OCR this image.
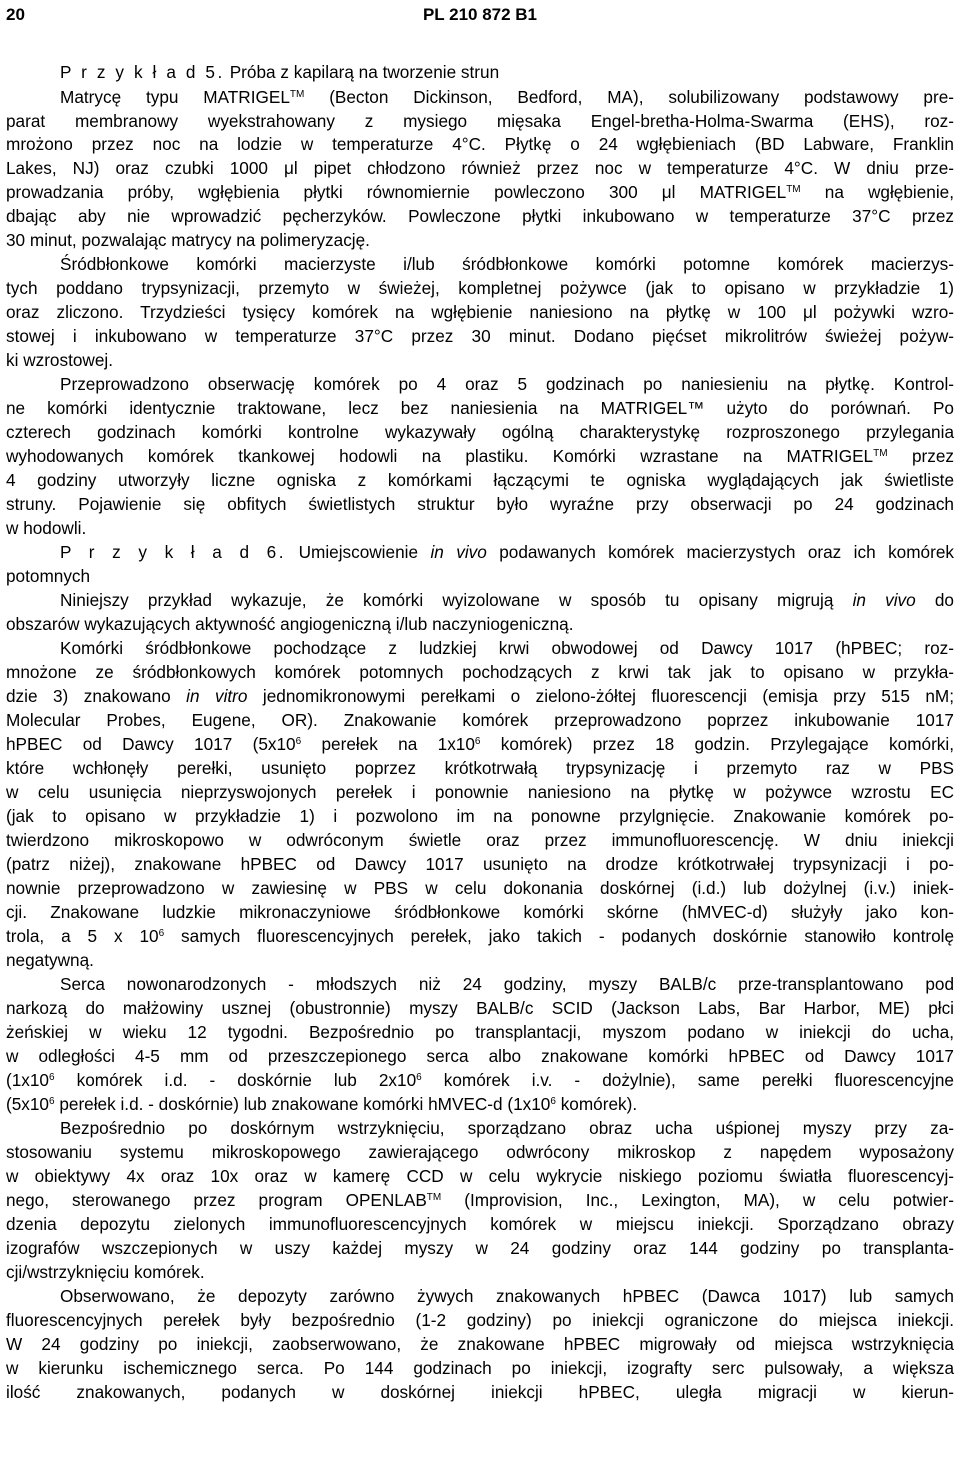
20	PL 210 872 B1
P r z y k ł a d 5. Próba z kapilarą na tworzenie strun
Matrycę typu MATRIGEL™ (Becton Dickinson, Bedford, MA), solubilizowany podstawowy pre-
parat membranowy wyekstrahowany z mysiego mięsaka Engel-bretha-Holma-Swarma (EHS), roz-
mrożono przez noc na lodzie w temperaturze 4°C. Płytkę o 24 wgłębieniach (BD Labware, Franklin
Lakes, NJ) oraz czubki 1000 μl pipet chłodzono również przez noc w temperaturze 4°C. W dniu prze-
prowadzania próby, wgłębienia płytki równomiernie powleczono 300 μl MATRIGEL™ na wgłębienie,
dbając aby nie wprowadzić pęcherzyków. Powleczone płytki inkubowano w temperaturze 37°C przez
30 minut, pozwalając matrycy na polimeryzację.
Śródbłonkowe komórki macierzyste i/lub śródbłonkowe komórki potomne komórek macierzys-
tych poddano trypsynizacji, przemyto w świeżej, kompletnej pożywce (jak to opisano w przykładzie 1)
oraz zliczono. Trzydzieści tysięcy komórek na wgłębienie naniesiono na płytkę w 100 μl pożywki wzro-
stowej i inkubowano w temperaturze 37°C przez 30 minut. Dodano pięćset mikrolitrów świeżej pożyw-
ki wzrostowej.
Przeprowadzono obserwację komórek po 4 oraz 5 godzinach po naniesieniu na płytkę. Kontrol-
ne komórki identycznie traktowane, lecz bez naniesienia na MATRIGEL™ użyto do porównań. Po
czterech godzinach komórki kontrolne wykazywały ogólną charakterystykę rozproszonego przylegania
wyhodowanych komórek tkankowej hodowli na plastiku. Komórki wzrastane na MATRIGEL™ przez
4 godziny utworzyły liczne ogniska z komórkami łączącymi te ogniska wyglądających jak świetliste
struny. Pojawienie się obfitych świetlistych struktur było wyraźne przy obserwacji po 24 godzinach
w hodowli.
P r z y k ł a d 6. Umiejscowienie in vivo podawanych komórek macierzystych oraz ich komórek
potomnych
Niniejszy przykład wykazuje, że komórki wyizolowane w sposób tu opisany migrują in vivo do
obszarów wykazujących aktywność angiogeniczną i/lub naczyniogeniczną.
Komórki śródbłonkowe pochodzące z ludzkiej krwi obwodowej od Dawcy 1017 (hPBEC; roz-
mnożone ze śródbłonkowych komórek potomnych pochodzących z krwi tak jak to opisano w przykła-
dzie 3) znakowano in vitro jednomikronowymi perełkami o zielono-żółtej fluorescencji (emisja przy 515 nM;
Molecular Probes, Eugene, OR). Znakowanie komórek przeprowadzono poprzez inkubowanie 1017
hPBEC od Dawcy 1017 ($5x10^6$ perełek na $1x10^6$ komórek) przez 18 godzin. Przylegające komórki,
które wchłonęły perełki, usunięto poprzez krótkotrwałą trypsynizację i przemyto raz w PBS
w celu usunięcia nieprzyswojonych perełek i ponownie naniesiono na płytkę w pożywce wzrostu EC
(jak to opisano w przykładzie 1) i pozwolono im na ponowne przylgnięcie. Znakowanie komórek po-
twierdzono mikroskopowo w odwróconym świetle oraz przez immunofluorescencję. W dniu iniekcji
(patrz niżej), znakowane hPBEC od Dawcy 1017 usunięto na drodze krótkotrwałej trypsynizacji i po-
nownie przeprowadzono w zawiesinę w PBS w celu dokonania doskórnej (i.d.) lub dożylnej (i.v.) iniek-
cji. Znakowane ludzkie mikronaczyniowe śródbłonkowe komórki skórne (hMVEC-d) służyły jako kon-
trola, a 5 x $10^6$ samych fluorescencyjnych perełek, jako takich - podanych doskórnie stanowiło kontrolę
negatywną.
Serca nowonarodzonych - młodszych niż 24 godziny, myszy BALB/c prze-transplantowano pod
narkozą do małżowiny usznej (obustronnie) myszy BALB/c SCID (Jackson Labs, Bar Harbor, ME) płci
żeńskiej w wieku 12 tygodni. Bezpośrednio po transplantacji, myszom podano w iniekcji do ucha,
w odległości 4-5 mm od przeszczepionego serca albo znakowane komórki hPBEC od Dawcy 1017
($1x10^6$ komórek i.d. - doskórnie lub $2x10^6$ komórek i.v. - dożylnie), same perełki fluorescencyjne
($5x10^6$ perełek i.d. - doskórnie) lub znakowane komórki hMVEC-d ($1x10^6$ komórek).
Bezpośrednio po doskórnym wstrzyknięciu, sporządzano obraz ucha uśpionej myszy przy za-
stosowaniu systemu mikroskopowego zawierającego odwrócony mikroskop z napędem wyposażony
w obiektywy 4x oraz 10x oraz w kamerę CCD w celu wykrycie niskiego poziomu światła fluorescencyj-
nego, sterowanego przez program OPENLAB™ (Improvision, Inc., Lexington, MA), w celu potwier-
dzenia depozytu zielonych immunofluorescencyjnych komórek w miejscu iniekcji. Sporządzano obrazy
izografów wszczepionych w uszy każdej myszy w 24 godziny oraz 144 godziny po transplanta-
cji/wstrzyknięciu komórek.
Obserwowano, że depozyty zarówno żywych znakowanych hPBEC (Dawca 1017) lub samych
fluorescencyjnych perełek były bezpośrednio (1-2 godziny) po iniekcji ograniczone do miejsca iniekcji.
W 24 godziny po iniekcji, zaobserwowano, że znakowane hPBEC migrowały od miejsca wstrzyknięcia
w kierunku ischemicznego serca. Po 144 godzinach po iniekcji, izografty serc pulsowały, a większa
ilość znakowanych, podanych w doskórnej iniekcji hPBEC, uległa migracji w kierun-
